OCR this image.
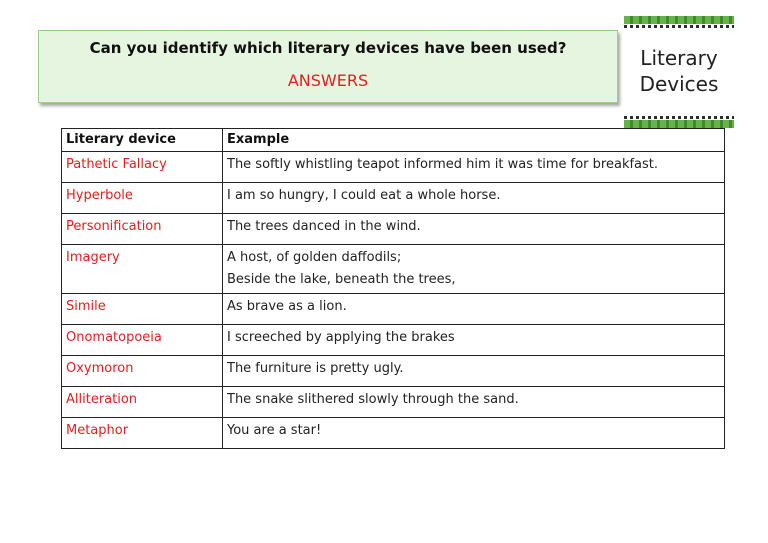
Can you identify which literary devices have been used?
ANSWERS
Literary
Devices
Literary device	Example
Pathetic Fallacy	The softly whistling teapot informed him it was time for breakfast.

Hyperbole	I am so hungry, I could eat a whole horse.

Personification	The trees danced in the wind.

Imagery	A host, of golden daffodils;
Beside the lake, beneath the trees,

Simile	As brave as a lion.

Onomatopoeia	I screeched by applying the brakes

Oxymoron	The furniture is pretty ugly.

Alliteration	The snake slithered slowly through the sand.

Metaphor	You are a star!
